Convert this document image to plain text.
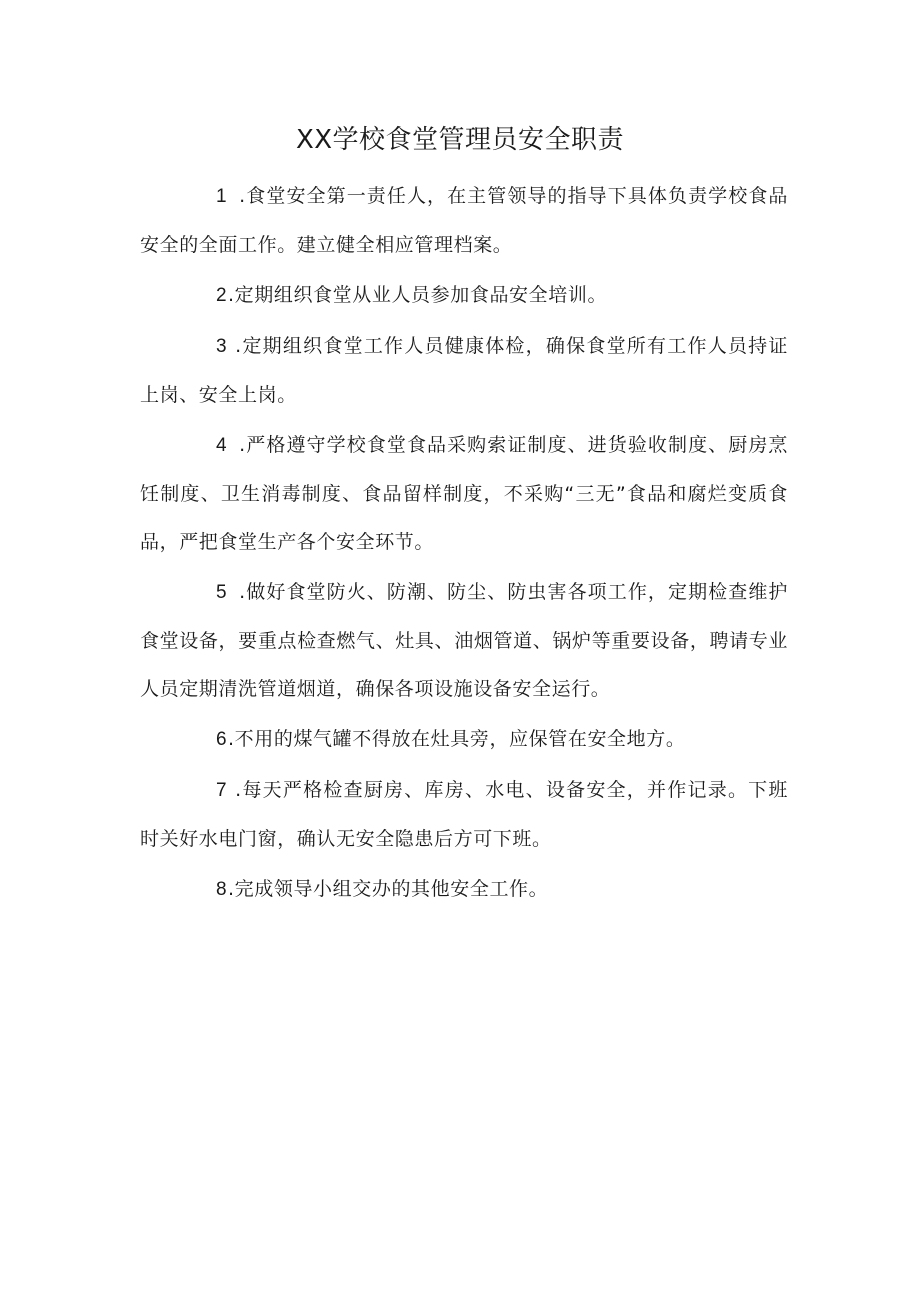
XX学校食堂管理员安全职责

1 .食堂安全第一责任人，在主管领导的指导下具体负责学校食品安全的全面工作。建立健全相应管理档案。

2.定期组织食堂从业人员参加食品安全培训。

3 .定期组织食堂工作人员健康体检，确保食堂所有工作人员持证上岗、安全上岗。

4 .严格遵守学校食堂食品采购索证制度、进货验收制度、厨房烹饪制度、卫生消毒制度、食品留样制度，不采购“三无”食品和腐烂变质食品，严把食堂生产各个安全环节。

5 .做好食堂防火、防潮、防尘、防虫害各项工作，定期检查维护食堂设备，要重点检查燃气、灶具、油烟管道、锅炉等重要设备，聘请专业人员定期清洗管道烟道，确保各项设施设备安全运行。

6.不用的煤气罐不得放在灶具旁，应保管在安全地方。

7 .每天严格检查厨房、库房、水电、设备安全，并作记录。下班时关好水电门窗，确认无安全隐患后方可下班。

8.完成领导小组交办的其他安全工作。
